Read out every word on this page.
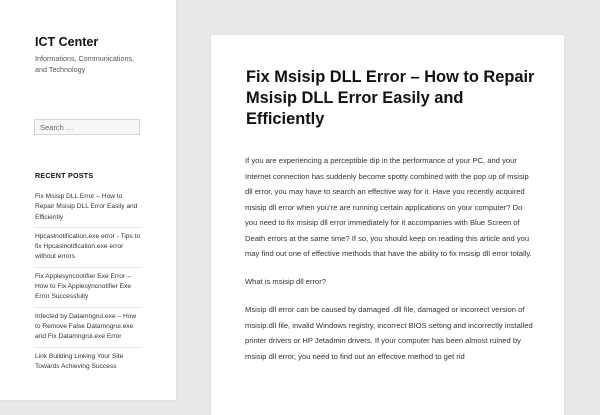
ICT Center
Informations, Communications, and Technology
Search …
RECENT POSTS
Fix Msisip DLL Error – How to Repair Msisip DLL Error Easily and Efficiently
Hpcaslnotification.exe error - Tips to fix Hpcaslnotification.exe error without errors
Fix Applesyncnotifier Exe Error – How to Fix Applesyncnotifier Exe Error Successfully
Infected by Datamngrui.exe – How to Remove False Datamngrui.exe and Fix Datamngrui.exe Error
Link Building Linking Your Site Towards Achieving Success
Fix Msisip DLL Error – How to Repair Msisip DLL Error Easily and Efficiently

If you are experiencing a perceptible dip in the performance of your PC, and your Internet connection has suddenly become spotty combined with the pop up of msisip dll error, you may have to search an effective way for it. Have you recently acquired msisip dll error when you’re are running certain applications on your computer? Do you need to fix msisip dll error immediately for it accompanies with Blue Screen of Death errors at the same time? If so, you should keep on reading this article and you may find out one of effective methods that have the ability to fix msisip dll error totally.

What is msisip dll error?

Msisip dll error can be caused by damaged .dll file, damaged or incorrect version of msisip.dll file, invalid Windows registry, incorrect BIOS setting and incorrectly installed printer drivers or HP Jetadmin drivers. If your computer has been almost ruined by msisip dll error, you need to find out an effective method to get rid
